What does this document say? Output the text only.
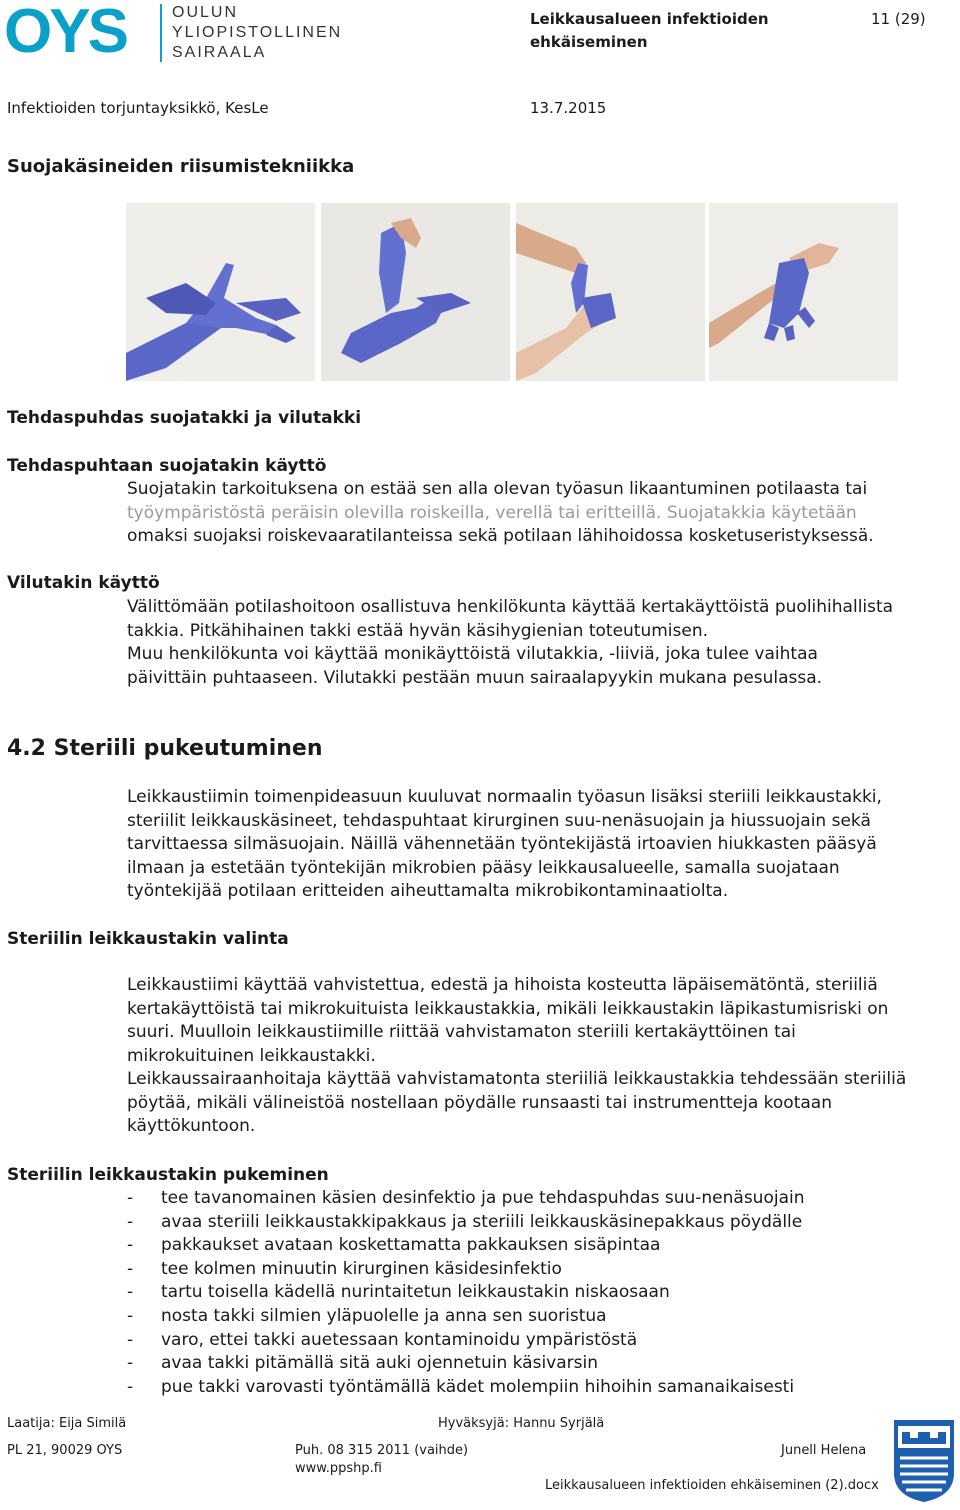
OYS	OULUN
YLIOPISTOLLINEN
SAIRAALA
Leikkausalueen infektioiden
ehkäiseminen
11 (29)
Infektioiden torjuntayksikkö, KesLe	13.7.2015
Suojakäsineiden riisumistekniikka
Tehdaspuhdas suojatakki ja vilutakki
Tehdaspuhtaan suojatakin käyttö
Suojatakin tarkoituksena on estää sen alla olevan työasun likaantuminen potilaasta tai
työympäristöstä peräisin olevilla roiskeilla, verellä tai eritteillä. Suojatakkia käytetään
omaksi suojaksi roiskevaaratilanteissa sekä potilaan lähihoidossa kosketuseristyksessä.
Vilutakin käyttö
Välittömään potilashoitoon osallistuva henkilökunta käyttää kertakäyttöistä puolihihallista
takkia. Pitkähihainen takki estää hyvän käsihygienian toteutumisen.
Muu henkilökunta voi käyttää monikäyttöistä vilutakkia, -liiviä, joka tulee vaihtaa
päivittäin puhtaaseen. Vilutakki pestään muun sairaalapyykin mukana pesulassa.
4.2 Steriili pukeutuminen
Leikkaustiimin toimenpideasuun kuuluvat normaalin työasun lisäksi steriili leikkaustakki,
steriilit leikkauskäsineet, tehdaspuhtaat kirurginen suu-nenäsuojain ja hiussuojain sekä
tarvittaessa silmäsuojain. Näillä vähennetään työntekijästä irtoavien hiukkasten pääsyä
ilmaan ja estetään työntekijän mikrobien pääsy leikkausalueelle, samalla suojataan
työntekijää potilaan eritteiden aiheuttamalta mikrobikontaminaatiolta.
Steriilin leikkaustakin valinta
Leikkaustiimi käyttää vahvistettua, edestä ja hihoista kosteutta läpäisemätöntä, steriiliä
kertakäyttöistä tai mikrokuituista leikkaustakkia, mikäli leikkaustakin läpikastumisriski on
suuri. Muulloin leikkaustiimille riittää vahvistamaton steriili kertakäyttöinen tai
mikrokuituinen leikkaustakki.
Leikkaussairaanhoitaja käyttää vahvistamatonta steriiliä leikkaustakkia tehdessään steriiliä
pöytää, mikäli välineistöä nostellaan pöydälle runsaasti tai instrumentteja kootaan
käyttökuntoon.
Steriilin leikkaustakin pukeminen
- tee tavanomainen käsien desinfektio ja pue tehdaspuhdas suu-nenäsuojain
- avaa steriili leikkaustakkipakkaus ja steriili leikkauskäsinepakkaus pöydälle
- pakkaukset avataan koskettamatta pakkauksen sisäpintaa
- tee kolmen minuutin kirurginen käsidesinfektio
- tartu toisella kädellä nurintaitetun leikkaustakin niskaosaan
- nosta takki silmien yläpuolelle ja anna sen suoristua
- varo, ettei takki auetessaan kontaminoidu ympäristöstä
- avaa takki pitämällä sitä auki ojennetuin käsivarsin
- pue takki varovasti työntämällä kädet molempiin hihoihin samanaikaisesti
Laatija: Eija Similä	Hyväksyjä: Hannu Syrjälä
PL 21, 90029 OYS	Puh. 08 315 2011 (vaihde)
www.ppshp.fi
Junell Helena
Leikkausalueen infektioiden ehkäiseminen (2).docx
